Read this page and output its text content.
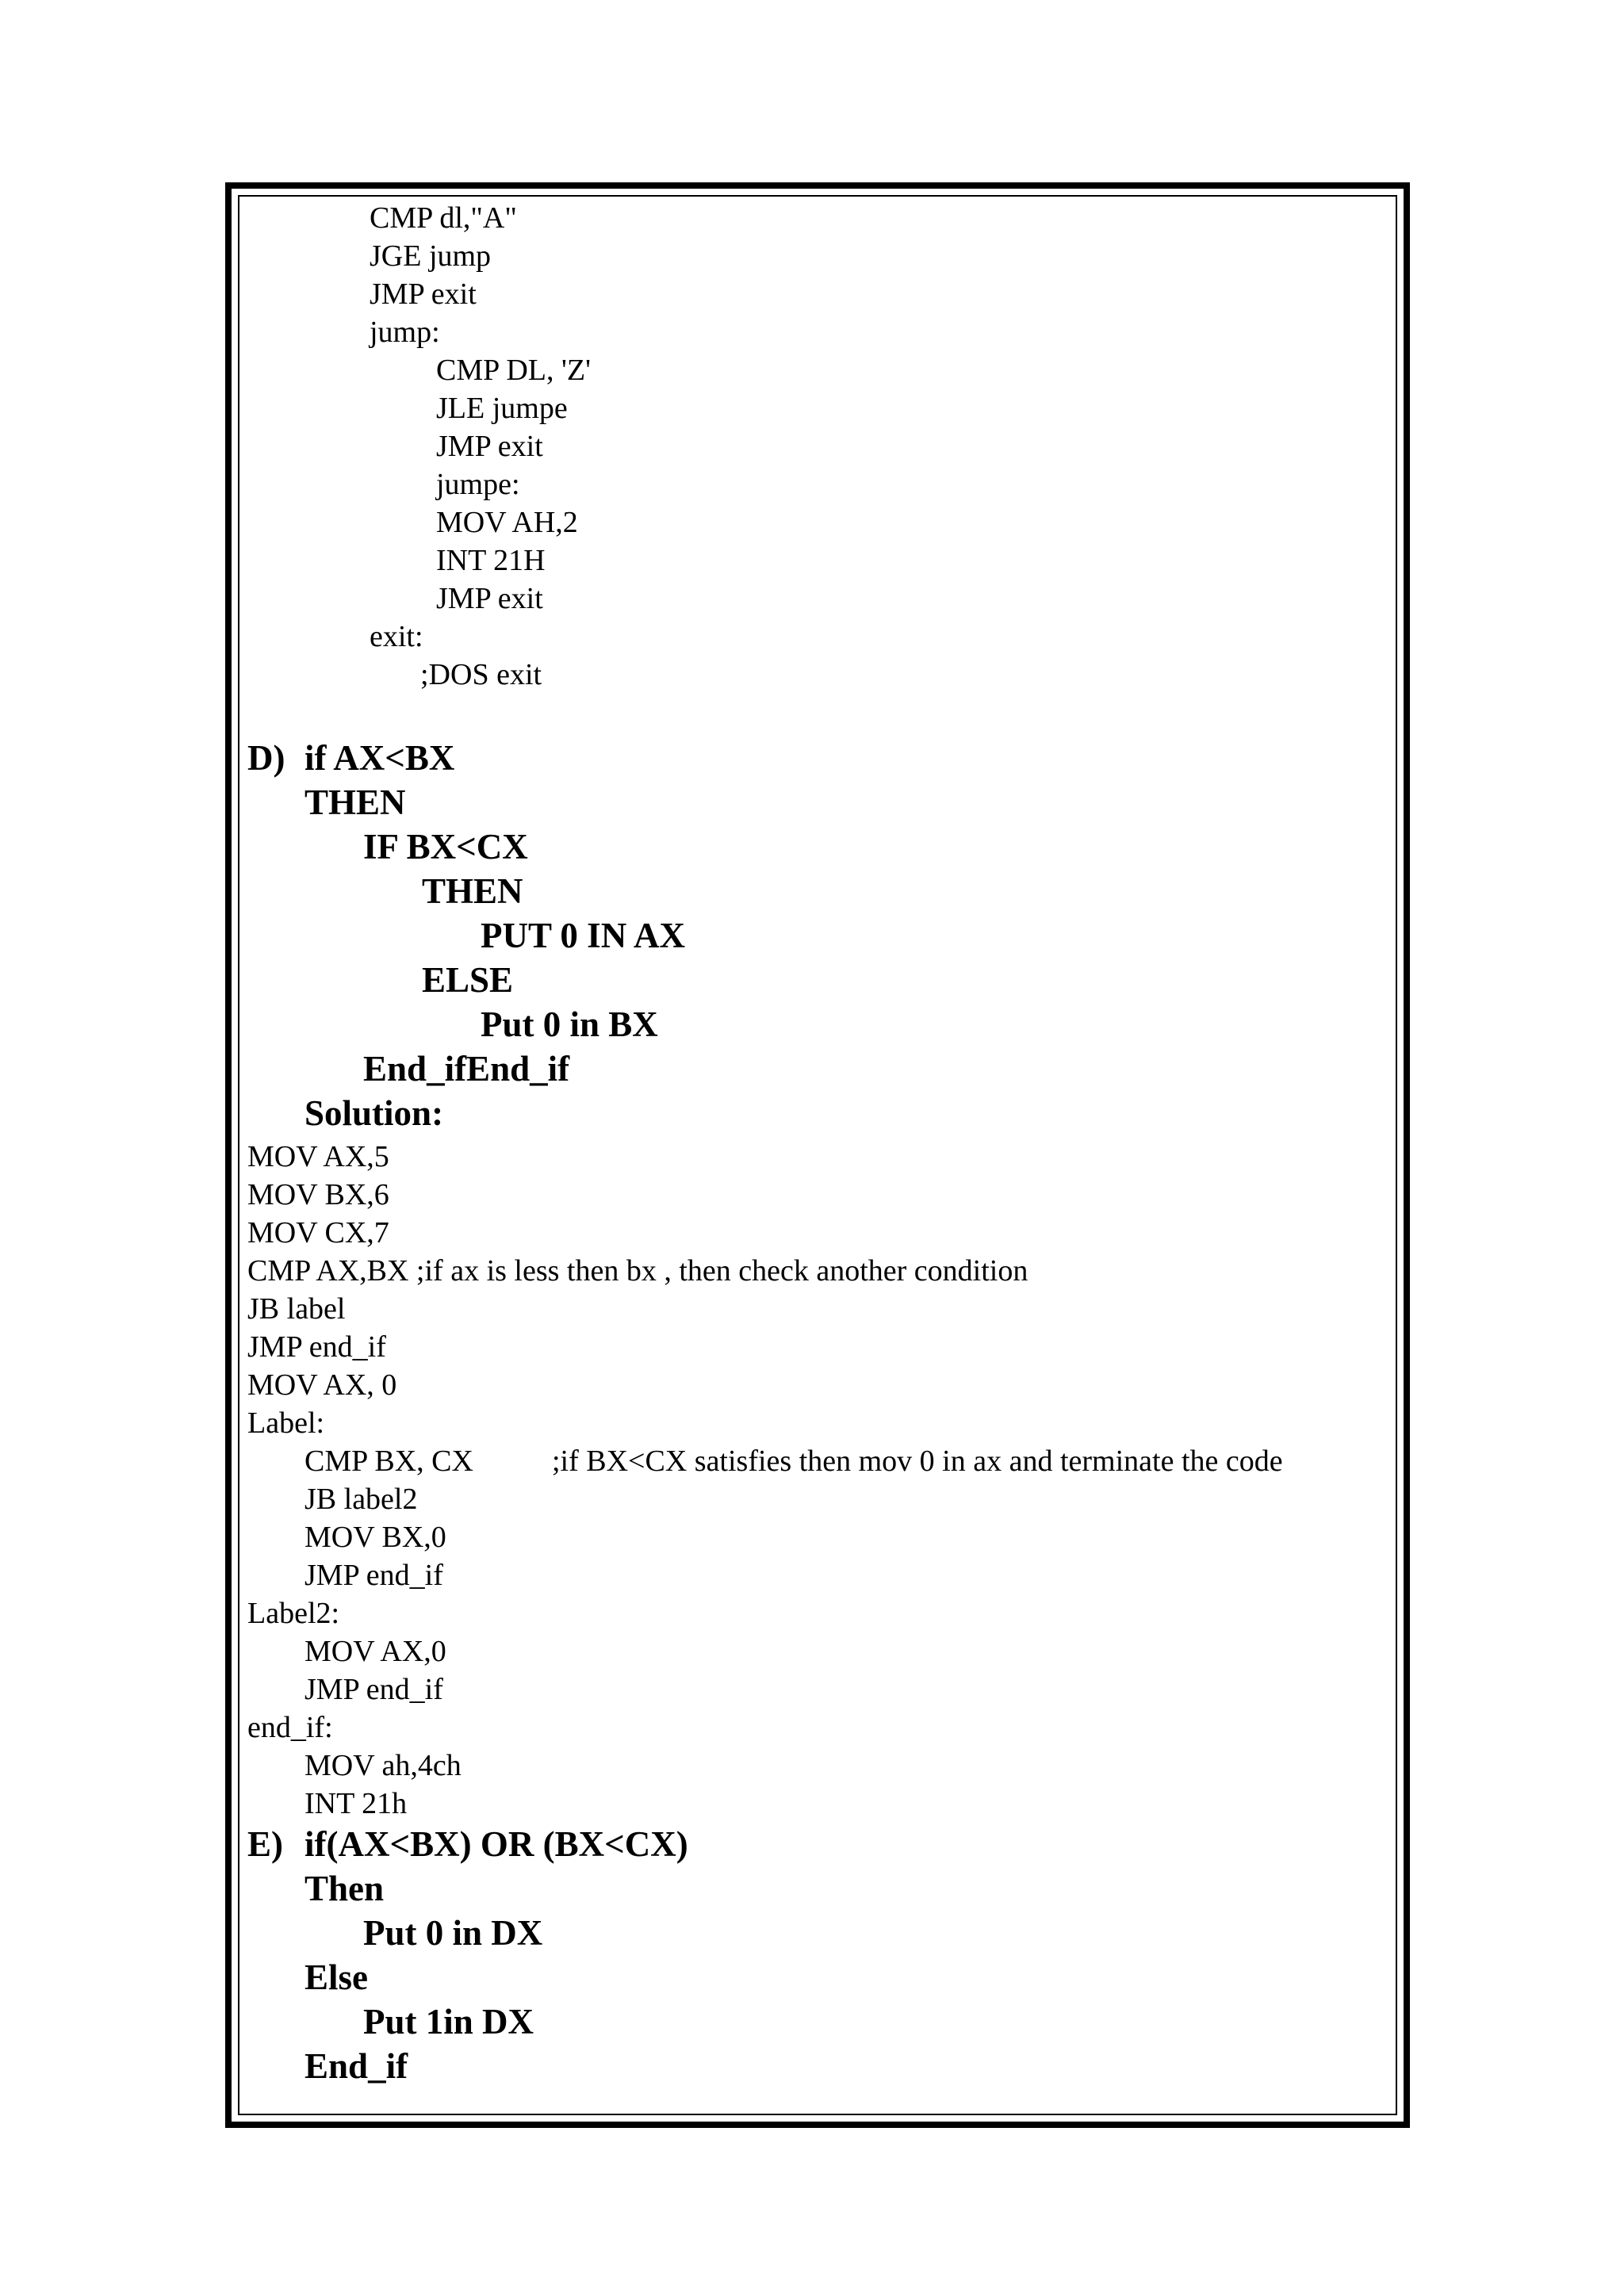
CMP dl,"A"
JGE jump
JMP exit
jump:
CMP DL, 'Z'
JLE jumpe
JMP exit
jumpe:
MOV AH,2
INT 21H
JMP exit
exit:
;DOS exit
D) if AX<BX
THEN
IF BX<CX
THEN
PUT 0 IN AX
ELSE
Put 0 in BX
End_ifEnd_if
Solution:
MOV AX,5
MOV BX,6
MOV CX,7
CMP AX,BX ;if ax is less then bx , then check another condition
JB label
JMP end_if
MOV AX, 0
Label:
CMP BX, CX	;if BX<CX satisfies then mov 0 in ax and terminate the code
JB label2
MOV BX,0
JMP end_if
Label2:
MOV AX,0
JMP end_if
end_if:
MOV ah,4ch
INT 21h
E) if(AX<BX) OR (BX<CX)
Then
Put 0 in DX
Else
Put 1in DX
End_if
